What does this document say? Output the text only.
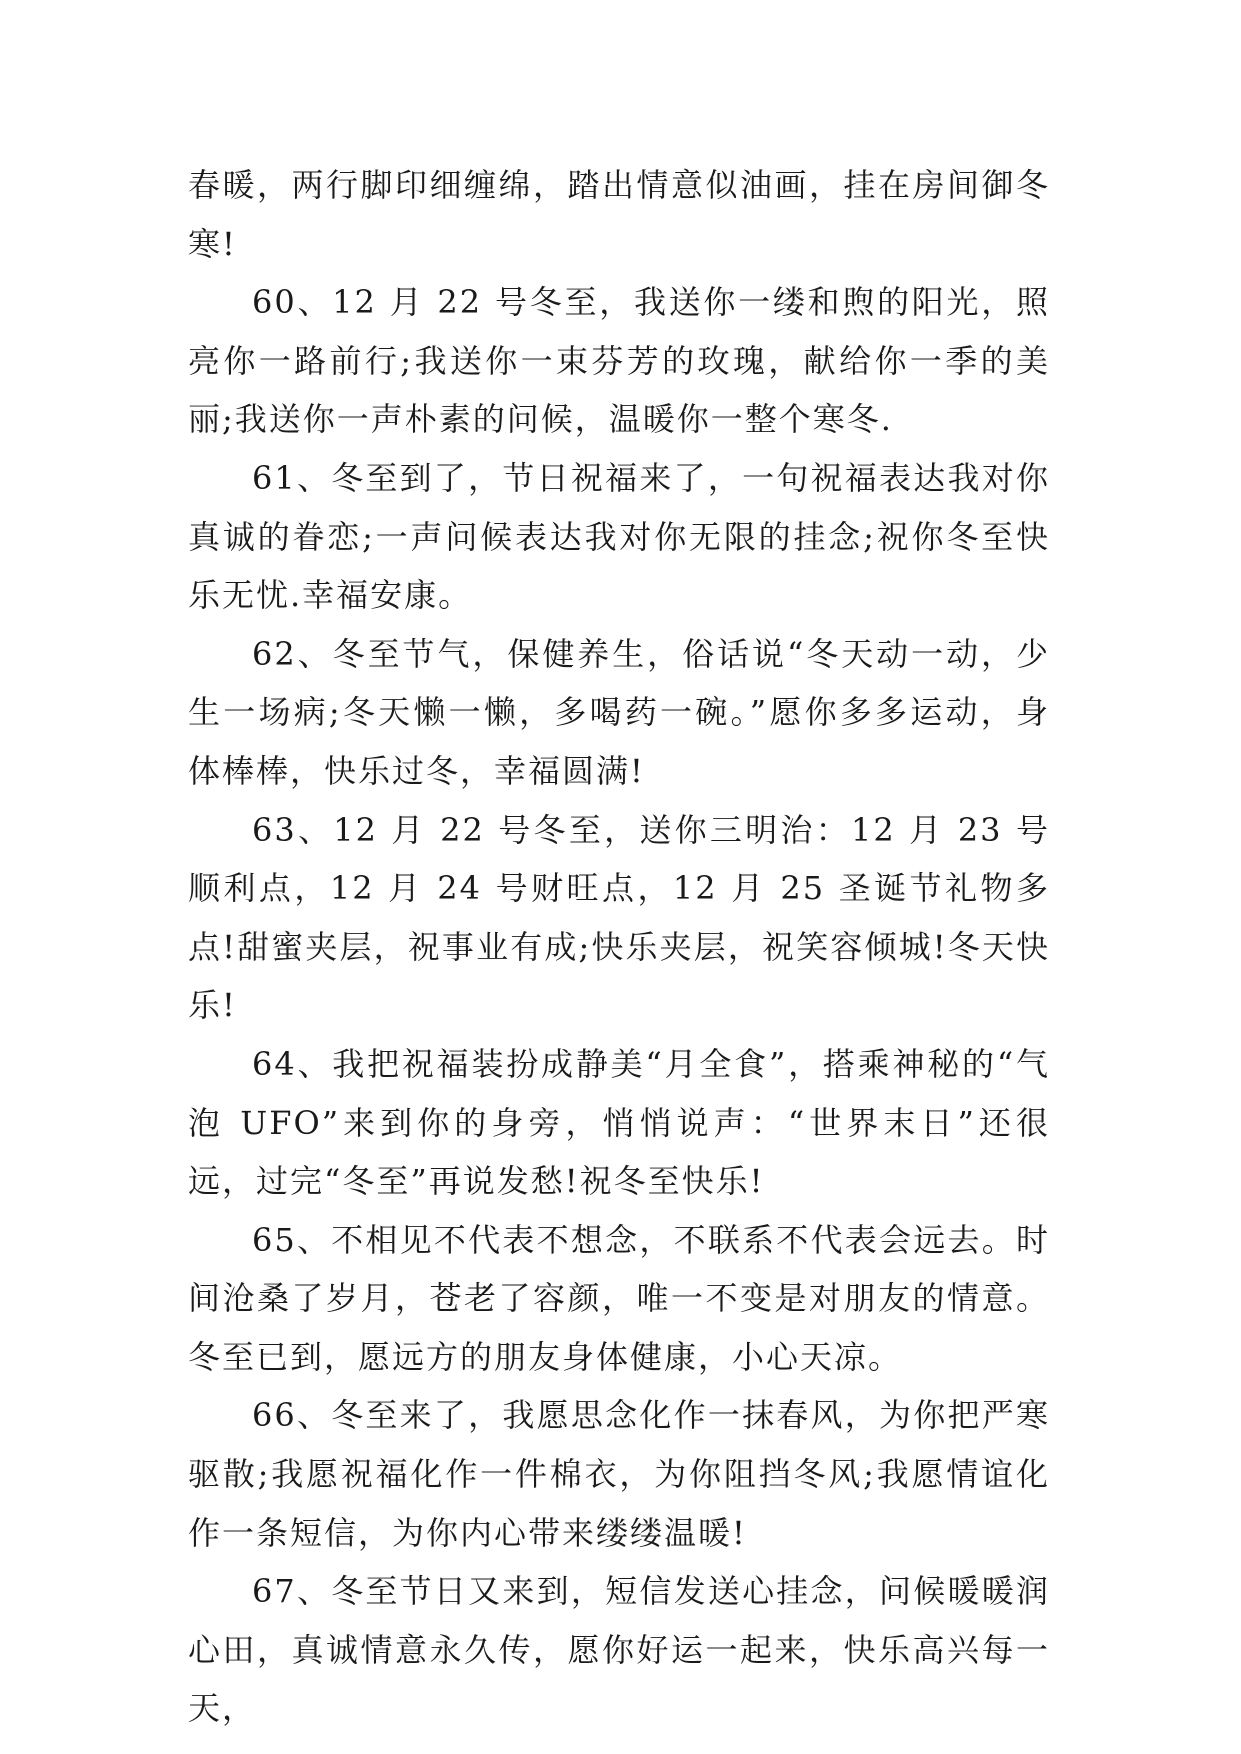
春暖，两行脚印细缠绵，踏出情意似油画，挂在房间御冬寒!

60、12 月 22 号冬至，我送你一缕和煦的阳光，照亮你一路前行;我送你一束芬芳的玫瑰，献给你一季的美丽;我送你一声朴素的问候，温暖你一整个寒冬.

61、冬至到了，节日祝福来了，一句祝福表达我对你真诚的眷恋;一声问候表达我对你无限的挂念;祝你冬至快乐无忧.幸福安康。

62、冬至节气，保健养生，俗话说“冬天动一动，少生一场病;冬天懒一懒，多喝药一碗。”愿你多多运动，身体棒棒，快乐过冬，幸福圆满!

63、12 月 22 号冬至，送你三明治：12 月 23 号顺利点，12 月 24 号财旺点，12 月 25 圣诞节礼物多点!甜蜜夹层，祝事业有成;快乐夹层，祝笑容倾城!冬天快乐!

64、我把祝福装扮成静美“月全食”，搭乘神秘的“气泡 UFO”来到你的身旁，悄悄说声：“世界末日”还很远，过完“冬至”再说发愁!祝冬至快乐!

65、不相见不代表不想念，不联系不代表会远去。时间沧桑了岁月，苍老了容颜，唯一不变是对朋友的情意。冬至已到，愿远方的朋友身体健康，小心天凉。

66、冬至来了，我愿思念化作一抹春风，为你把严寒驱散;我愿祝福化作一件棉衣，为你阻挡冬风;我愿情谊化作一条短信，为你内心带来缕缕温暖!

67、冬至节日又来到，短信发送心挂念，问候暖暖润心田，真诚情意永久传，愿你好运一起来，快乐高兴每一天，
